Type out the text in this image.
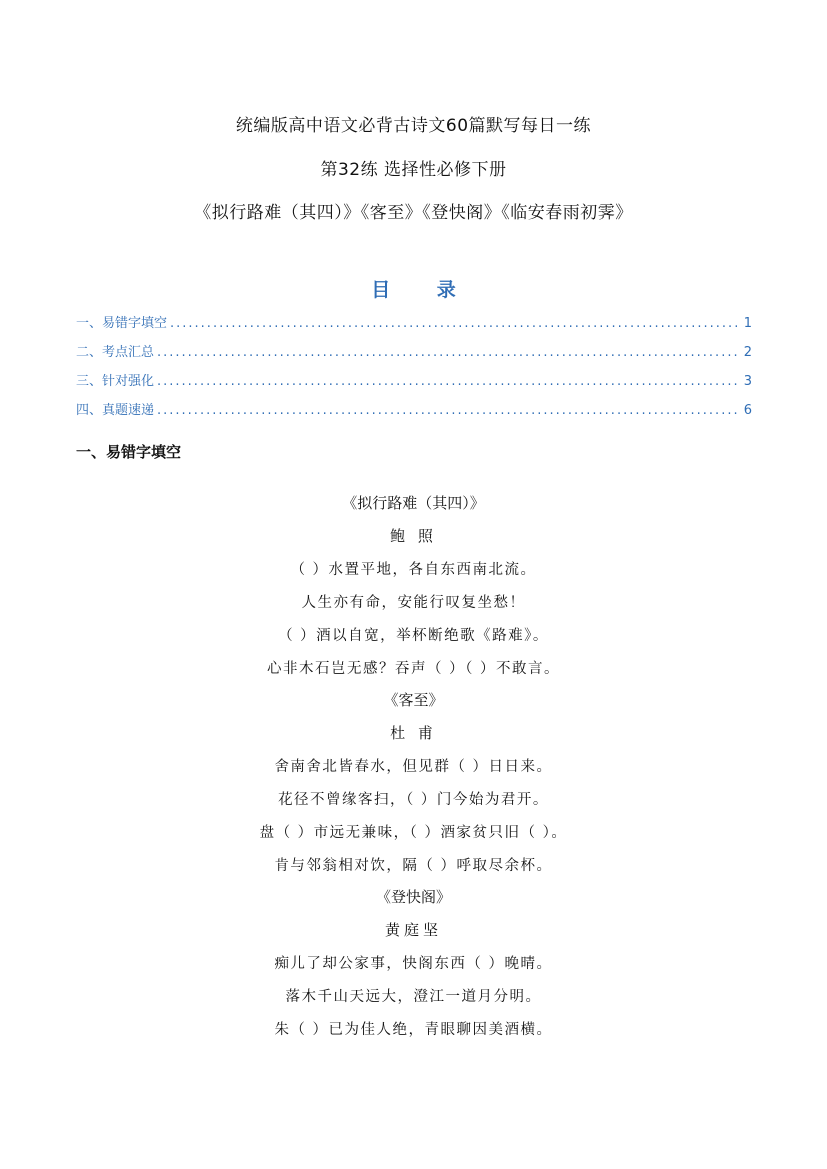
统编版高中语文必背古诗文60篇默写每日一练
第32练 选择性必修下册
《拟行路难（其四）》《客至》《登快阁》《临安春雨初霁》
目 录
一、易错字填空 .....	1
二、考点汇总 .....	2
三、针对强化 .....	3
四、真题速递 .....	6
一、易错字填空
《拟行路难（其四）》
鲍 照
（ ）水置平地，各自东西南北流。
人生亦有命，安能行叹复坐愁！
（ ）酒以自宽，举杯断绝歌《路难》。
心非木石岂无感？吞声（ ）（ ）不敢言。
《客至》
杜 甫
舍南舍北皆春水，但见群（ ）日日来。
花径不曾缘客扫，（ ）门今始为君开。
盘（ ）市远无兼味，（ ）酒家贫只旧（ ）。
肯与邻翁相对饮，隔（ ）呼取尽余杯。
《登快阁》
黄庭坚
痴儿了却公家事，快阁东西（ ）晚晴。
落木千山天远大，澄江一道月分明。
朱（ ）已为佳人绝，青眼聊因美酒横。
